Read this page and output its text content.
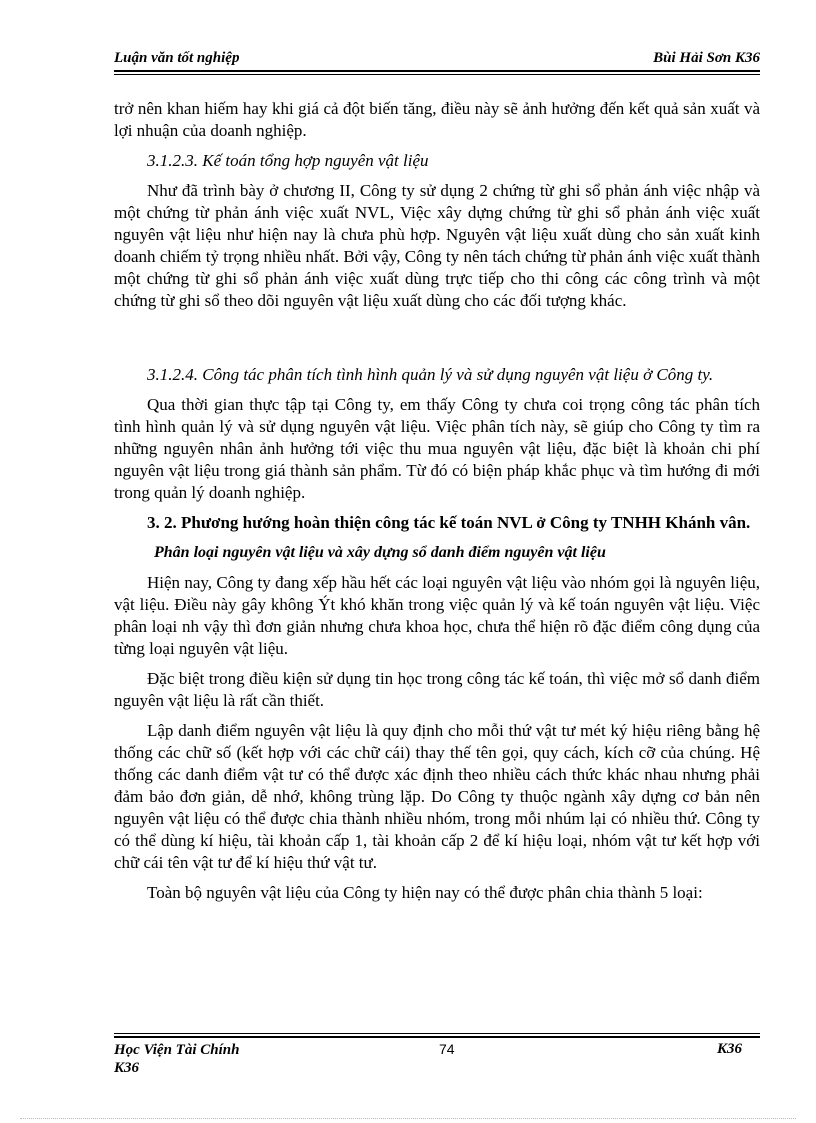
Luận văn tốt nghiệp	Bùi Hải Sơn K36

trở nên khan hiếm hay khi giá cả đột biến tăng, điều này sẽ ảnh hưởng đến kết quả sản xuất và lợi nhuận của doanh nghiệp.

3.1.2.3. Kế toán tổng hợp nguyên vật liệu

Như đã trình bày ở chương II, Công ty sử dụng 2 chứng từ ghi sổ phản ánh việc nhập và một chứng từ phản ánh việc xuất NVL, Việc xây dựng chứng từ ghi sổ phản ánh việc xuất nguyên vật liệu như hiện nay là chưa phù hợp. Nguyên vật liệu xuất dùng cho sản xuất kinh doanh chiếm tỷ trọng nhiều nhất. Bởi vậy, Công ty nên tách chứng từ phản ánh việc xuất thành một chứng từ ghi sổ phản ánh việc xuất dùng trực tiếp cho thi công các công trình và một chứng từ ghi sổ theo dõi nguyên vật liệu xuất dùng cho các đối tượng khác.

3.1.2.4. Công tác phân tích tình hình quản lý và sử dụng nguyên vật liệu ở Công ty.

Qua thời gian thực tập tại Công ty, em thấy Công ty chưa coi trọng công tác phân tích tình hình quản lý và sử dụng nguyên vật liệu. Việc phân tích này, sẽ giúp cho Công ty tìm ra những nguyên nhân ảnh hưởng tới việc thu mua nguyên vật liệu, đặc biệt là khoản chi phí nguyên vật liệu trong giá thành sản phẩm. Từ đó có biện pháp khắc phục và tìm hướng đi mới trong quản lý doanh nghiệp.

3. 2. Phương hướng hoàn thiện công tác kế toán NVL ở Công ty TNHH Khánh vân.

Phân loại nguyên vật liệu và xây dựng sổ danh điểm nguyên vật liệu

Hiện nay, Công ty đang xếp hầu hết các loại nguyên vật liệu vào nhóm gọi là nguyên liệu, vật liệu. Điều này gây không Ýt khó khăn trong việc quản lý và kế toán nguyên vật liệu. Việc phân loại nh vậy thì đơn giản nhưng chưa khoa học, chưa thể hiện rõ đặc điểm công dụng của từng loại nguyên vật liệu.

Đặc biệt trong điều kiện sử dụng tin học trong công tác kế toán, thì việc mở sổ danh điểm nguyên vật liệu là rất cần thiết.

Lập danh điểm nguyên vật liệu là quy định cho mỗi thứ vật tư mét ký hiệu riêng bằng hệ thống các chữ số (kết hợp với các chữ cái) thay thế tên gọi, quy cách, kích cỡ của chúng. Hệ thống các danh điểm vật tư có thể được xác định theo nhiều cách thức khác nhau nhưng phải đảm bảo đơn giản, dễ nhớ, không trùng lặp. Do Công ty thuộc ngành xây dựng cơ bản nên nguyên vật liệu có thể được chia thành nhiều nhóm, trong mỗi nhúm lại có nhiều thứ. Công ty có thể dùng kí hiệu, tài khoản cấp 1, tài khoản cấp 2 để kí hiệu loại, nhóm vật tư kết hợp với chữ cái tên vật tư để kí hiệu thứ vật tư.

Toàn bộ nguyên vật liệu của Công ty hiện nay có thể được phân chia thành 5 loại:

Học Viện Tài Chính
K36
74	K36
